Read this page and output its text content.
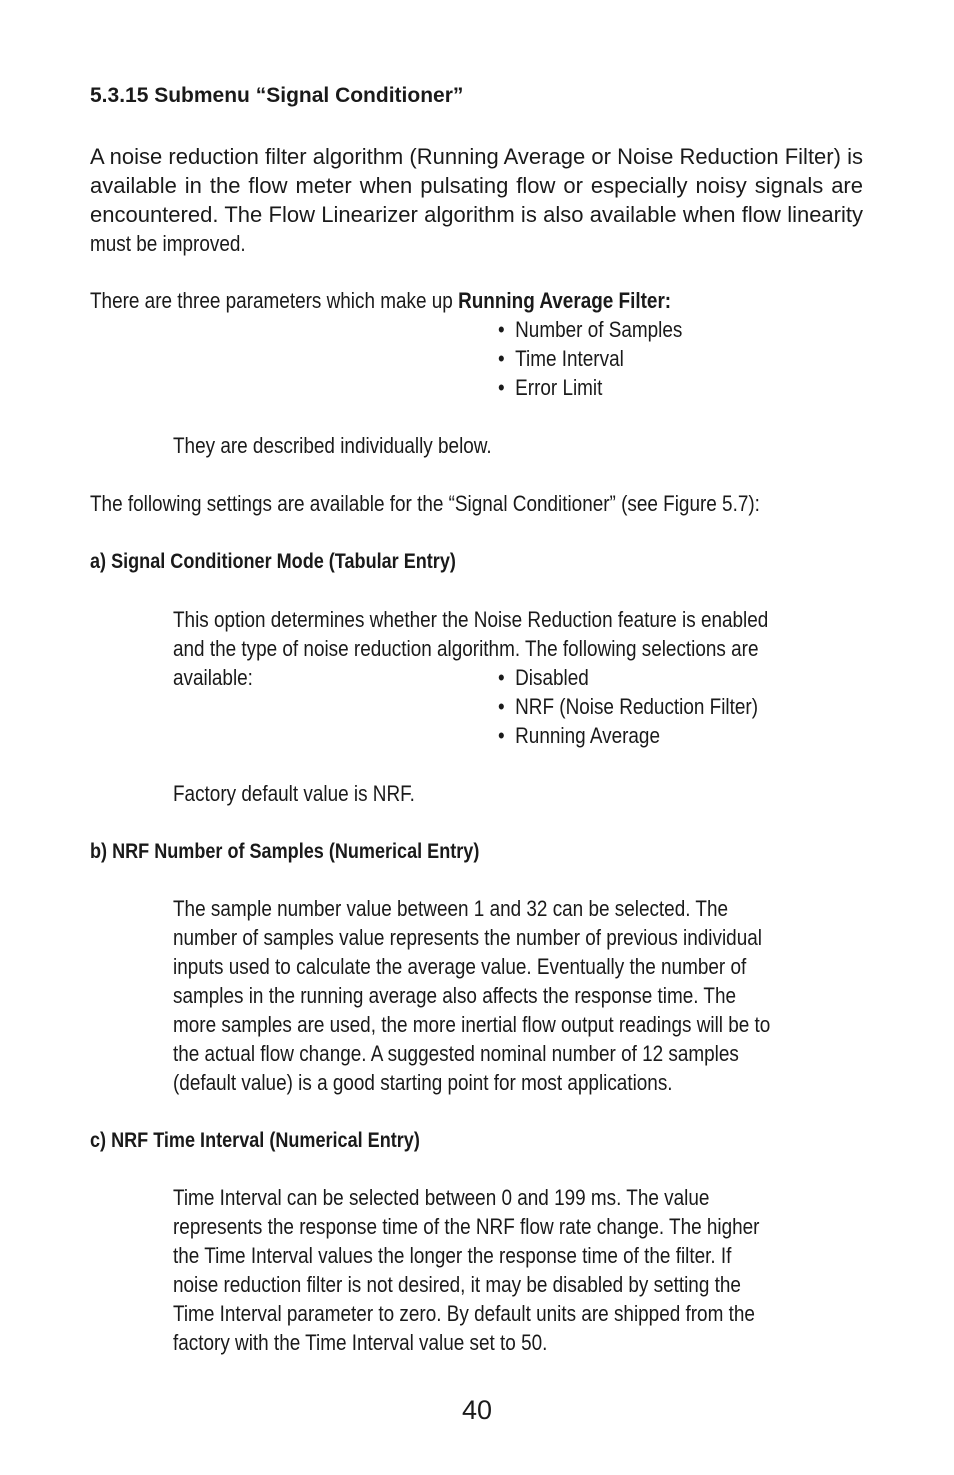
5.3.15 Submenu “Signal Conditioner”
A noise reduction filter algorithm (Running Average or Noise Reduction Filter) is
available in the flow meter when pulsating flow or especially noisy signals are
encountered. The Flow Linearizer algorithm is also available when flow linearity
must be improved.
There are three parameters which make up Running Average Filter:
•  Number of Samples
•  Time Interval
•  Error Limit
They are described individually below.
The following settings are available for the “Signal Conditioner” (see Figure 5.7):
a) Signal Conditioner Mode (Tabular Entry)
This option determines whether the Noise Reduction feature is enabled
and the type of noise reduction algorithm. The following selections are
available:	•  Disabled
•  NRF (Noise Reduction Filter)
•  Running Average
Factory default value is NRF.
b) NRF Number of Samples (Numerical Entry)
The sample number value between 1 and 32 can be selected. The
number of samples value represents the number of previous individual
inputs used to calculate the average value. Eventually the number of
samples in the running average also affects the response time. The
more samples are used, the more inertial flow output readings will be to
the actual flow change. A suggested nominal number of 12 samples
(default value) is a good starting point for most applications.
c) NRF Time Interval (Numerical Entry)
Time Interval can be selected between 0 and 199 ms. The value
represents the response time of the NRF flow rate change. The higher
the Time Interval values the longer the response time of the filter. If
noise reduction filter is not desired, it may be disabled by setting the
Time Interval parameter to zero. By default units are shipped from the
factory with the Time Interval value set to 50.
40
